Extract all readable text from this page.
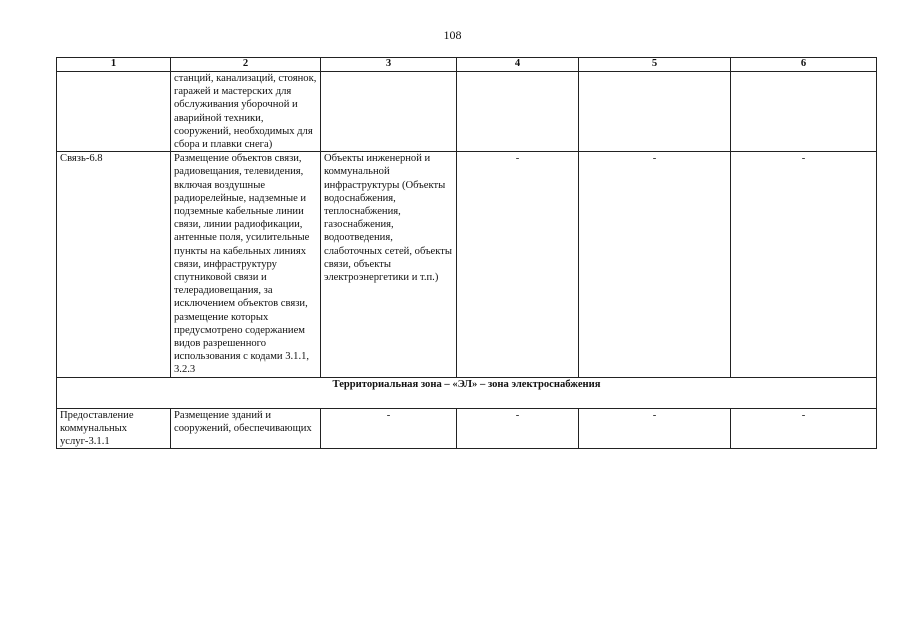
108
1	2	3	4	5	6
	станций, канализаций, стоянок, гаражей и мастерских для обслуживания уборочной и аварийной техники, сооружений, необходимых для сбора и плавки снега)				
Связь-6.8	Размещение объектов связи, радиовещания, телевидения, включая воздушные радиорелейные, надземные и подземные кабельные линии связи, линии радиофикации, антенные поля, усилительные пункты на кабельных линиях связи, инфраструктуру спутниковой связи и телерадиовещания, за исключением объектов связи, размещение которых предусмотрено содержанием видов разрешенного использования с кодами 3.1.1, 3.2.3	Объекты инженерной и коммунальной инфраструктуры (Объекты водоснабжения, теплоснабжения, газоснабжения, водоотведения, слаботочных сетей, объекты связи, объекты электроэнергетики и т.п.)	-	-	-
Территориальная зона – «ЭЛ» – зона электроснабжения					
Предоставление коммунальных услуг-3.1.1	Размещение зданий и сооружений, обеспечивающих	-	-	-	-
